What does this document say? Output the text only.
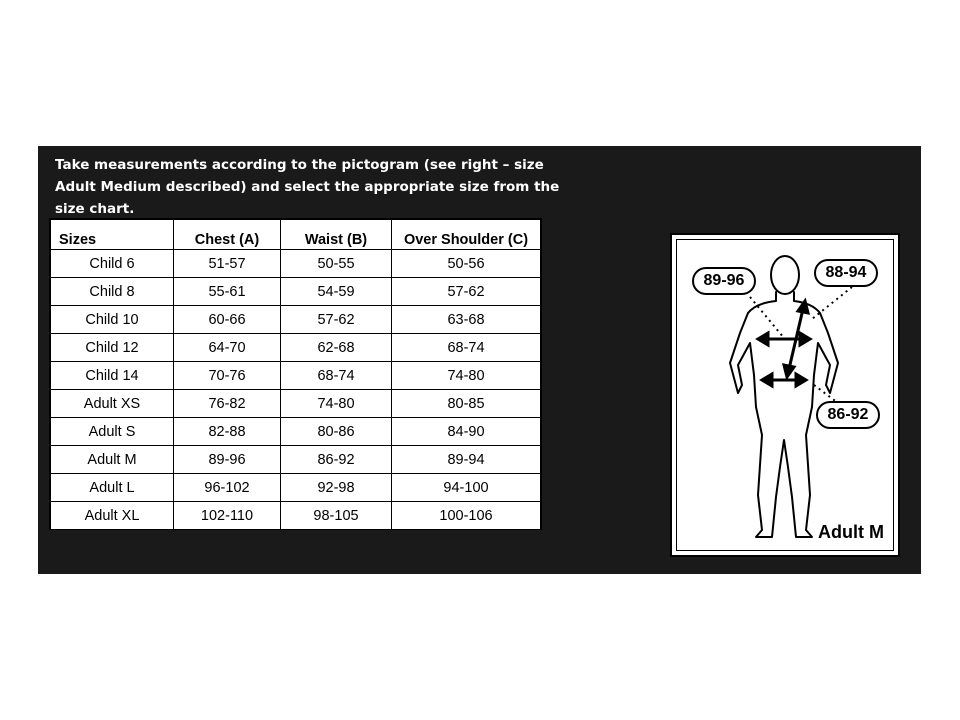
Take measurements according to the pictogram (see right – size Adult Medium described) and select the appropriate size from the size chart.
Sizes	Chest (A)	Waist (B)	Over Shoulder (C)
Child 6	51-57	50-55	50-56
Child 8	55-61	54-59	57-62
Child 10	60-66	57-62	63-68
Child 12	64-70	62-68	68-74
Child 14	70-76	68-74	74-80
Adult XS	76-82	74-80	80-85
Adult S	82-88	80-86	84-90
Adult M	89-96	86-92	89-94
Adult L	96-102	92-98	94-100
Adult XL	102-110	98-105	100-106
89-96	88-94
86-92
Adult M
